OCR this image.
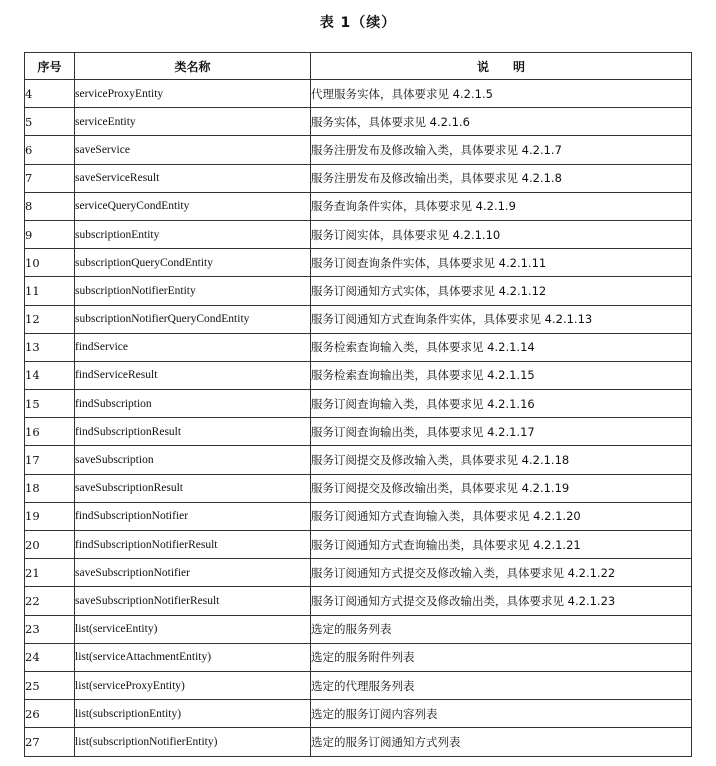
表 1（续）
序号	类名称	说　　明
4	serviceProxyEntity	代理服务实体，具体要求见 4.2.1.5
5	serviceEntity	服务实体，具体要求见 4.2.1.6
6	saveService	服务注册发布及修改输入类，具体要求见 4.2.1.7
7	saveServiceResult	服务注册发布及修改输出类，具体要求见 4.2.1.8
8	serviceQueryCondEntity	服务查询条件实体，具体要求见 4.2.1.9
9	subscriptionEntity	服务订阅实体，具体要求见 4.2.1.10
10	subscriptionQueryCondEntity	服务订阅查询条件实体，具体要求见 4.2.1.11
11	subscriptionNotifierEntity	服务订阅通知方式实体，具体要求见 4.2.1.12
12	subscriptionNotifierQueryCondEntity	服务订阅通知方式查询条件实体，具体要求见 4.2.1.13
13	findService	服务检索查询输入类，具体要求见 4.2.1.14
14	findServiceResult	服务检索查询输出类，具体要求见 4.2.1.15
15	findSubscription	服务订阅查询输入类，具体要求见 4.2.1.16
16	findSubscriptionResult	服务订阅查询输出类，具体要求见 4.2.1.17
17	saveSubscription	服务订阅提交及修改输入类，具体要求见 4.2.1.18
18	saveSubscriptionResult	服务订阅提交及修改输出类，具体要求见 4.2.1.19
19	findSubscriptionNotifier	服务订阅通知方式查询输入类，具体要求见 4.2.1.20
20	findSubscriptionNotifierResult	服务订阅通知方式查询输出类，具体要求见 4.2.1.21
21	saveSubscriptionNotifier	服务订阅通知方式提交及修改输入类，具体要求见 4.2.1.22
22	saveSubscriptionNotifierResult	服务订阅通知方式提交及修改输出类，具体要求见 4.2.1.23
23	list(serviceEntity)	选定的服务列表
24	list(serviceAttachmentEntity)	选定的服务附件列表
25	list(serviceProxyEntity)	选定的代理服务列表
26	list(subscriptionEntity)	选定的服务订阅内容列表
27	list(subscriptionNotifierEntity)	选定的服务订阅通知方式列表
